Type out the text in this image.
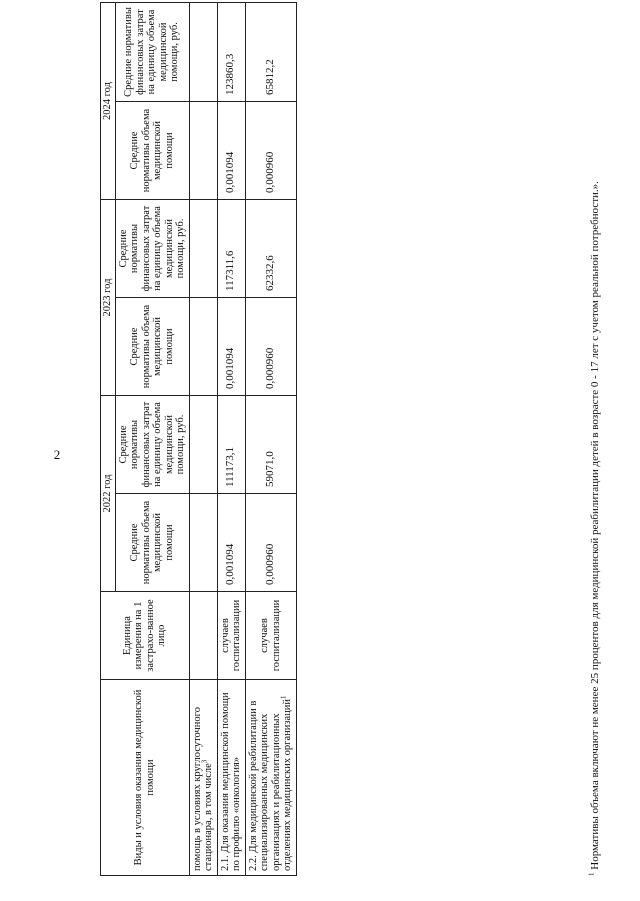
2
Виды и условия оказания медицинской помощи	Единица измерения на 1 застрахо-ванное лицо	2022 год		2023 год		2024 год	
		Средние нормативы объема медицинской помощи	Средние нормативы финансовых затрат на единицу объема медицинской помощи, руб.	Средние нормативы объема медицинской помощи	Средние нормативы финансовых затрат на единицу объема медицинской помощи, руб.	Средние нормативы объема медицинской помощи	Средние нормативы финансовых затрат на единицу объема медицинской помощи, руб.
помощь в условиях круглосуточного стационара, в том числе$^3$							
2.1. Для оказания медицинской помощи по профилю «онкология»	случаев госпитализации	0,001094	111173,1	0,001094	117311,6	0,001094	123860,3
2.2. Для медицинской реабилитации в специализированных медицинских организациях и реабилитационных отделениях медицинских организаций$^1$	случаев госпитализации	0,000960	59071,0	0,000960	62332,6	0,000960	65812,2
$^1$ Нормативы объема включают не менее 25 процентов для медицинской реабилитации детей в возрасте 0 - 17 лет с учетом реальной потребности.».
